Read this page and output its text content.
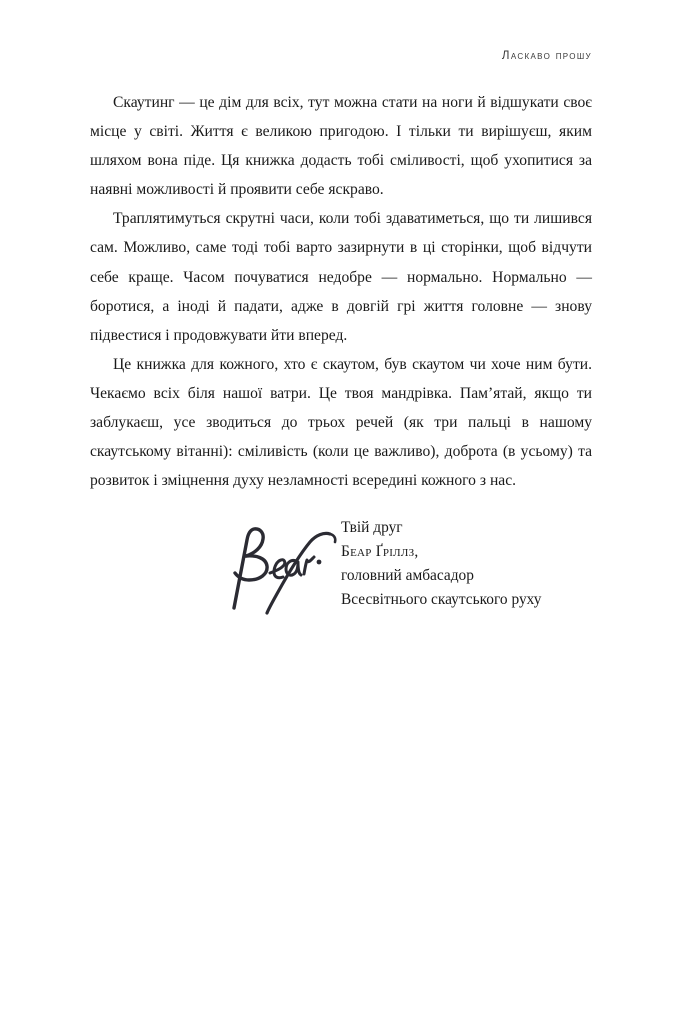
Ласкаво прошу

Скаутинг — це дім для всіх, тут можна стати на ноги й відшукати своє місце у світі. Життя є великою пригодою. І тільки ти вирішуєш, яким шляхом вона піде. Ця книжка додасть тобі сміливості, щоб ухопитися за наявні можливості й проявити себе яскраво.

Траплятимуться скрутні часи, коли тобі здаватиметься, що ти лишився сам. Можливо, саме тоді тобі варто зазирнути в ці сторінки, щоб відчути себе краще. Часом почуватися недобре — нормально. Нормально — боротися, а іноді й падати, адже в довгій грі життя головне — знову підвестися і продовжувати йти вперед.

Це книжка для кожного, хто є скаутом, був скаутом чи хоче ним бути. Чекаємо всіх біля нашої ватри. Це твоя мандрівка. Пам’ятай, якщо ти заблукаєш, усе зводиться до трьох речей (як три пальці в нашому скаутському вітанні): сміливість (коли це важливо), доброта (в усьому) та розвиток і зміцнення духу незламності всередині кожного з нас.

Твій друг

Беар Ґріллз,

головний амбасадор

Всесвітнього скаутського руху
